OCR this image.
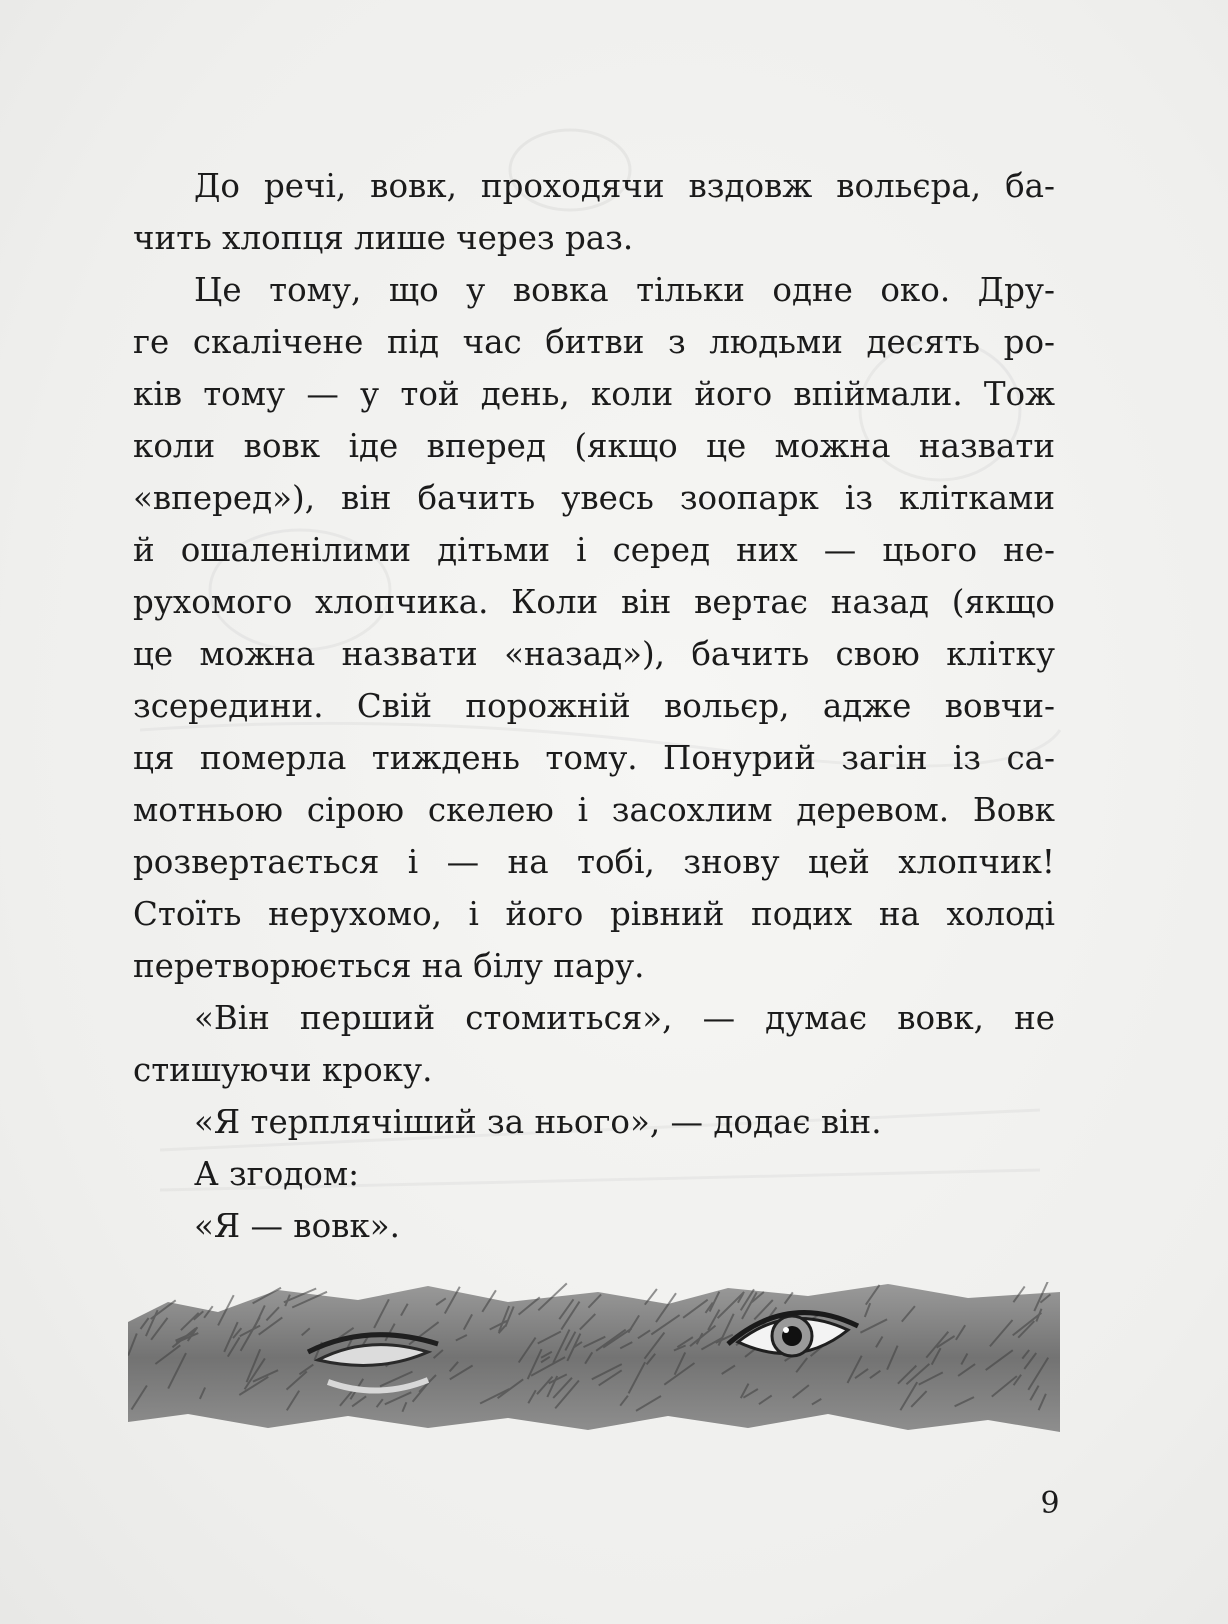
До речі, вовк, проходячи вздовж вольєра, ба-
чить хлопця лише через раз.
Це тому, що у вовка тільки одне око. Дру-
ге скалічене під час битви з людьми десять ро-
ків тому — у той день, коли його впіймали. Тож
коли вовк іде вперед (якщо це можна назвати
«вперед»), він бачить увесь зоопарк із клітками
й ошаленілими дітьми і серед них — цього не-
рухомого хлопчика. Коли він вертає назад (якщо
це можна назвати «назад»), бачить свою клітку
зсередини. Свій порожній вольєр, адже вовчи-
ця померла тиждень тому. Понурий загін із са-
мотньою сірою скелею і засохлим деревом. Вовк
розвертається і — на тобі, знову цей хлопчик!
Стоїть нерухомо, і його рівний подих на холоді
перетворюється на білу пару.
«Він перший стомиться», — думає вовк, не
стишуючи кроку.
«Я терплячіший за нього», — додає він.
А згодом:
«Я — вовк».
9
